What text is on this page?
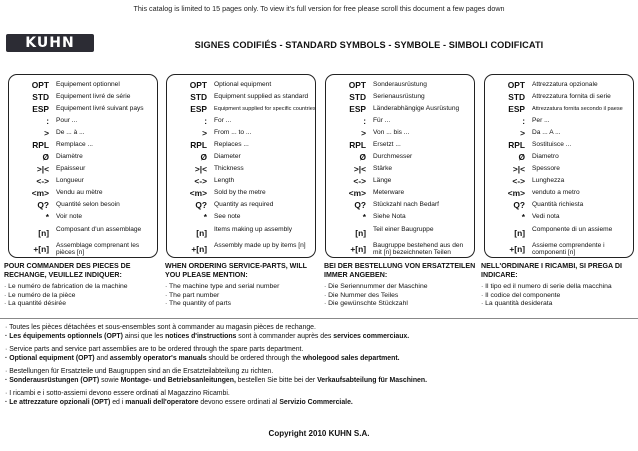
This catalog is limited to 15 pages only. To view it's full version for free please scroll this document a few pages down
KUHN	SIGNES CODIFIÉS - STANDARD SYMBOLS - SYMBOLE - SIMBOLI CODIFICATI
OPT Equipement optionnel
STD Equipement livré de série
ESP Equipement livré suivant pays
: Pour ...
> De ... à ...
RPL Remplace ...
Ø Diamètre
>|< Epaisseur
<-> Longueur
<m> Vendu au mètre
Q? Quantité selon besoin
* Voir note
[n] Composant d'un assemblage
+[n] Assemblage comprenant les pièces [n]
OPT Optional equipment
STD Equipment supplied as standard
ESP Equipment supplied for specific countries
: For ...
> From ... to ...
RPL Replaces ...
Ø Diameter
>|< Thickness
<-> Length
<m> Sold by the metre
Q? Quantity as required
* See note
[n] Items making up assembly
+[n] Assembly made up by items [n]
OPT Sonderausrüstung
STD Serienausrüstung
ESP Länderabhängige Ausrüstung
: Für ...
> Von ... bis ...
RPL Ersetzt ...
Ø Durchmesser
>|< Stärke
<-> Länge
<m> Meterware
Q? Stückzahl nach Bedarf
* Siehe Nota
[n] Teil einer Baugruppe
+[n] Baugruppe bestehend aus den mit [n] bezeichneten Teilen
OPT Attrezzatura opzionale
STD Attrezzatura fornita di serie
ESP Attrezzatura fornita secondo il paese
: Per ...
> Da ... A ...
RPL Sostituisce ...
Ø Diametro
>|< Spessore
<-> Lunghezza
<m> venduto a metro
Q? Quantità richiesta
* Vedi nota
[n] Componente di un assieme
+[n] Assieme comprendente i componenti [n]
POUR COMMANDER DES PIECES DE RECHANGE, VEUILLEZ INDIQUER:
· Le numéro de fabrication de la machine
· Le numéro de la pièce
· La quantité désirée
WHEN ORDERING SERVICE-PARTS, WILL YOU PLEASE MENTION:
· The machine type and serial number
· The part number
· The quantity of parts
BEI DER BESTELLUNG VON ERSATZTEILEN IMMER ANGEBEN:
· Die Seriennummer der Maschine
· Die Nummer des Teiles
· Die gewünschte Stückzahl
NELL'ORDINARE I RICAMBI, SI PREGA DI INDICARE:
· Il tipo ed il numero di serie della macchina
· Il codice del componente
· La quantità desiderata
· Toutes les pièces détachées et sous-ensembles sont à commander au magasin pièces de rechange.
· Les équipements optionnels (OPT) ainsi que les notices d'instructions sont à commander auprès des services commerciaux.
· Service parts and service part assemblies are to be ordered through the spare parts department.
· Optional equipment (OPT) and assembly operator's manuals should be ordered through the wholegood sales department.
· Bestellungen für Ersatzteile und Baugruppen sind an die Ersatzteilabteilung zu richten.
· Sonderausrüstungen (OPT) sowie Montage- und Betriebsanleitungen, bestellen Sie bitte bei der Verkaufsabteilung für Maschinen.
· I ricambi e i sotto-assiemi devono essere ordinati al Magazzino Ricambi.
· Le attrezzature opzionali (OPT) ed i manuali dell'operatore devono essere ordinati al Servizio Commerciale.
Copyright 2010 KUHN S.A.
